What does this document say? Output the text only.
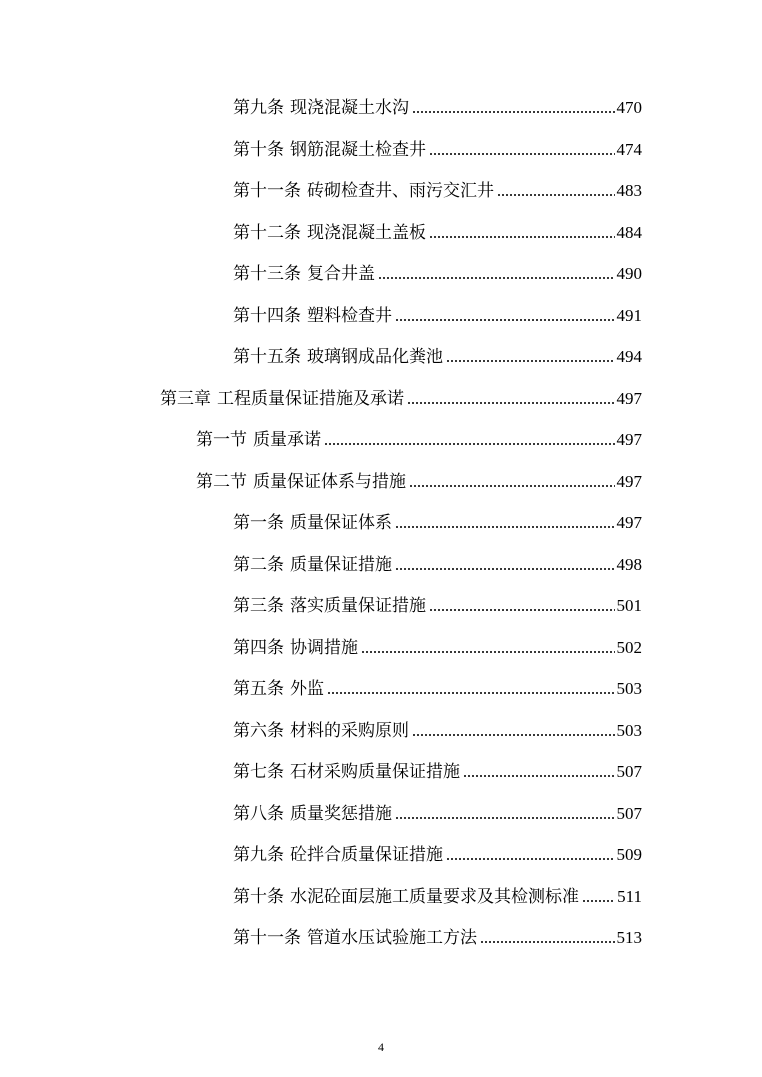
第九条 现浇混凝土水沟	470
第十条 钢筋混凝土检查井	474
第十一条 砖砌检查井、雨污交汇井	483
第十二条 现浇混凝土盖板	484
第十三条 复合井盖	490
第十四条 塑料检查井	491
第十五条 玻璃钢成品化粪池	494
第三章 工程质量保证措施及承诺	497
第一节 质量承诺	497
第二节 质量保证体系与措施	497
第一条 质量保证体系	497
第二条 质量保证措施	498
第三条 落实质量保证措施	501
第四条 协调措施	502
第五条 外监	503
第六条 材料的采购原则	503
第七条 石材采购质量保证措施	507
第八条 质量奖惩措施	507
第九条 砼拌合质量保证措施	509
第十条 水泥砼面层施工质量要求及其检测标准 511
第十一条 管道水压试验施工方法	513
4
